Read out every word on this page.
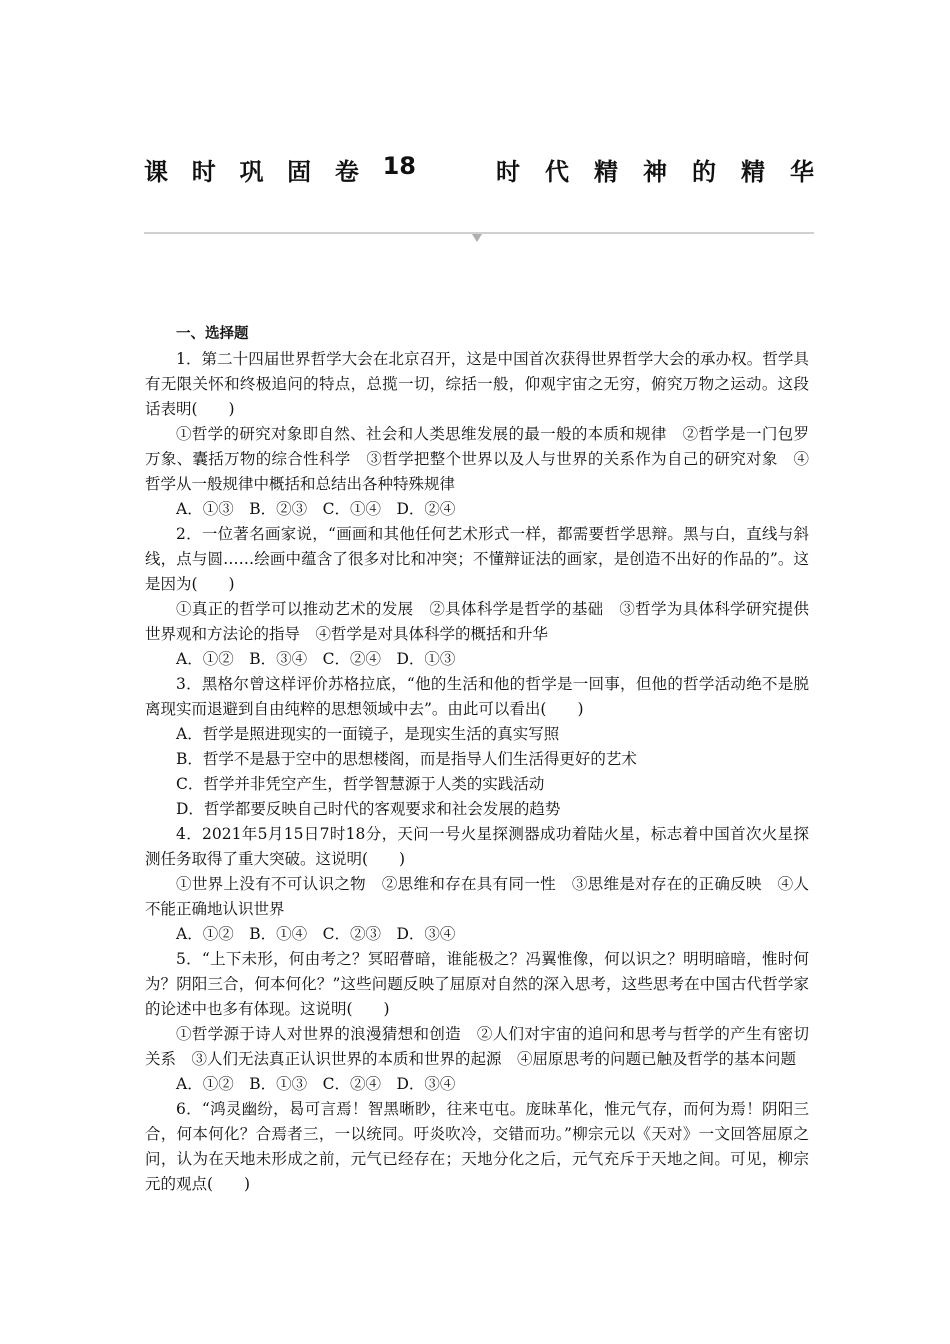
课 时 巩 固 卷 18	时 代 精 神 的 精 华

一、选择题

1．第二十四届世界哲学大会在北京召开，这是中国首次获得世界哲学大会的承办权。哲学具有无限关怀和终极追问的特点，总揽一切，综括一般，仰观宇宙之无穷，俯究万物之运动。这段话表明(　　)

①哲学的研究对象即自然、社会和人类思维发展的最一般的本质和规律　②哲学是一门包罗万象、囊括万物的综合性科学　③哲学把整个世界以及人与世界的关系作为自己的研究对象　④哲学从一般规律中概括和总结出各种特殊规律

A．①③　B．②③　C．①④　D．②④

2．一位著名画家说，“画画和其他任何艺术形式一样，都需要哲学思辩。黑与白，直线与斜线，点与圆……绘画中蕴含了很多对比和冲突；不懂辩证法的画家，是创造不出好的作品的”。这是因为(　　)

①真正的哲学可以推动艺术的发展　②具体科学是哲学的基础　③哲学为具体科学研究提供世界观和方法论的指导　④哲学是对具体科学的概括和升华

A．①②　B．③④　C．②④　D．①③

3．黑格尔曾这样评价苏格拉底，“他的生活和他的哲学是一回事，但他的哲学活动绝不是脱离现实而退避到自由纯粹的思想领域中去”。由此可以看出(　　)

A．哲学是照进现实的一面镜子，是现实生活的真实写照

B．哲学不是悬于空中的思想楼阁，而是指导人们生活得更好的艺术

C．哲学并非凭空产生，哲学智慧源于人类的实践活动

D．哲学都要反映自己时代的客观要求和社会发展的趋势

4．2021年5月15日7时18分，天问一号火星探测器成功着陆火星，标志着中国首次火星探测任务取得了重大突破。这说明(　　)

①世界上没有不可认识之物　②思维和存在具有同一性　③思维是对存在的正确反映　④人不能正确地认识世界

A．①②　B．①④　C．②③　D．③④

5．“上下未形，何由考之？冥昭瞢暗，谁能极之？冯翼惟像，何以识之？明明暗暗，惟时何为？阴阳三合，何本何化？”这些问题反映了屈原对自然的深入思考，这些思考在中国古代哲学家的论述中也多有体现。这说明(　　)

①哲学源于诗人对世界的浪漫猜想和创造　②人们对宇宙的追问和思考与哲学的产生有密切关系　③人们无法真正认识世界的本质和世界的起源　④屈原思考的问题已触及哲学的基本问题

A．①②　B．①③　C．②④　D．③④

6．“鸿灵幽纷，曷可言焉！智黑晰眇，往来屯屯。庞昧革化，惟元气存，而何为焉！阴阳三合，何本何化？合焉者三，一以统同。吁炎吹冷，交错而功。”柳宗元以《天对》一文回答屈原之问，认为在天地未形成之前，元气已经存在；天地分化之后，元气充斥于天地之间。可见，柳宗元的观点(　　)
